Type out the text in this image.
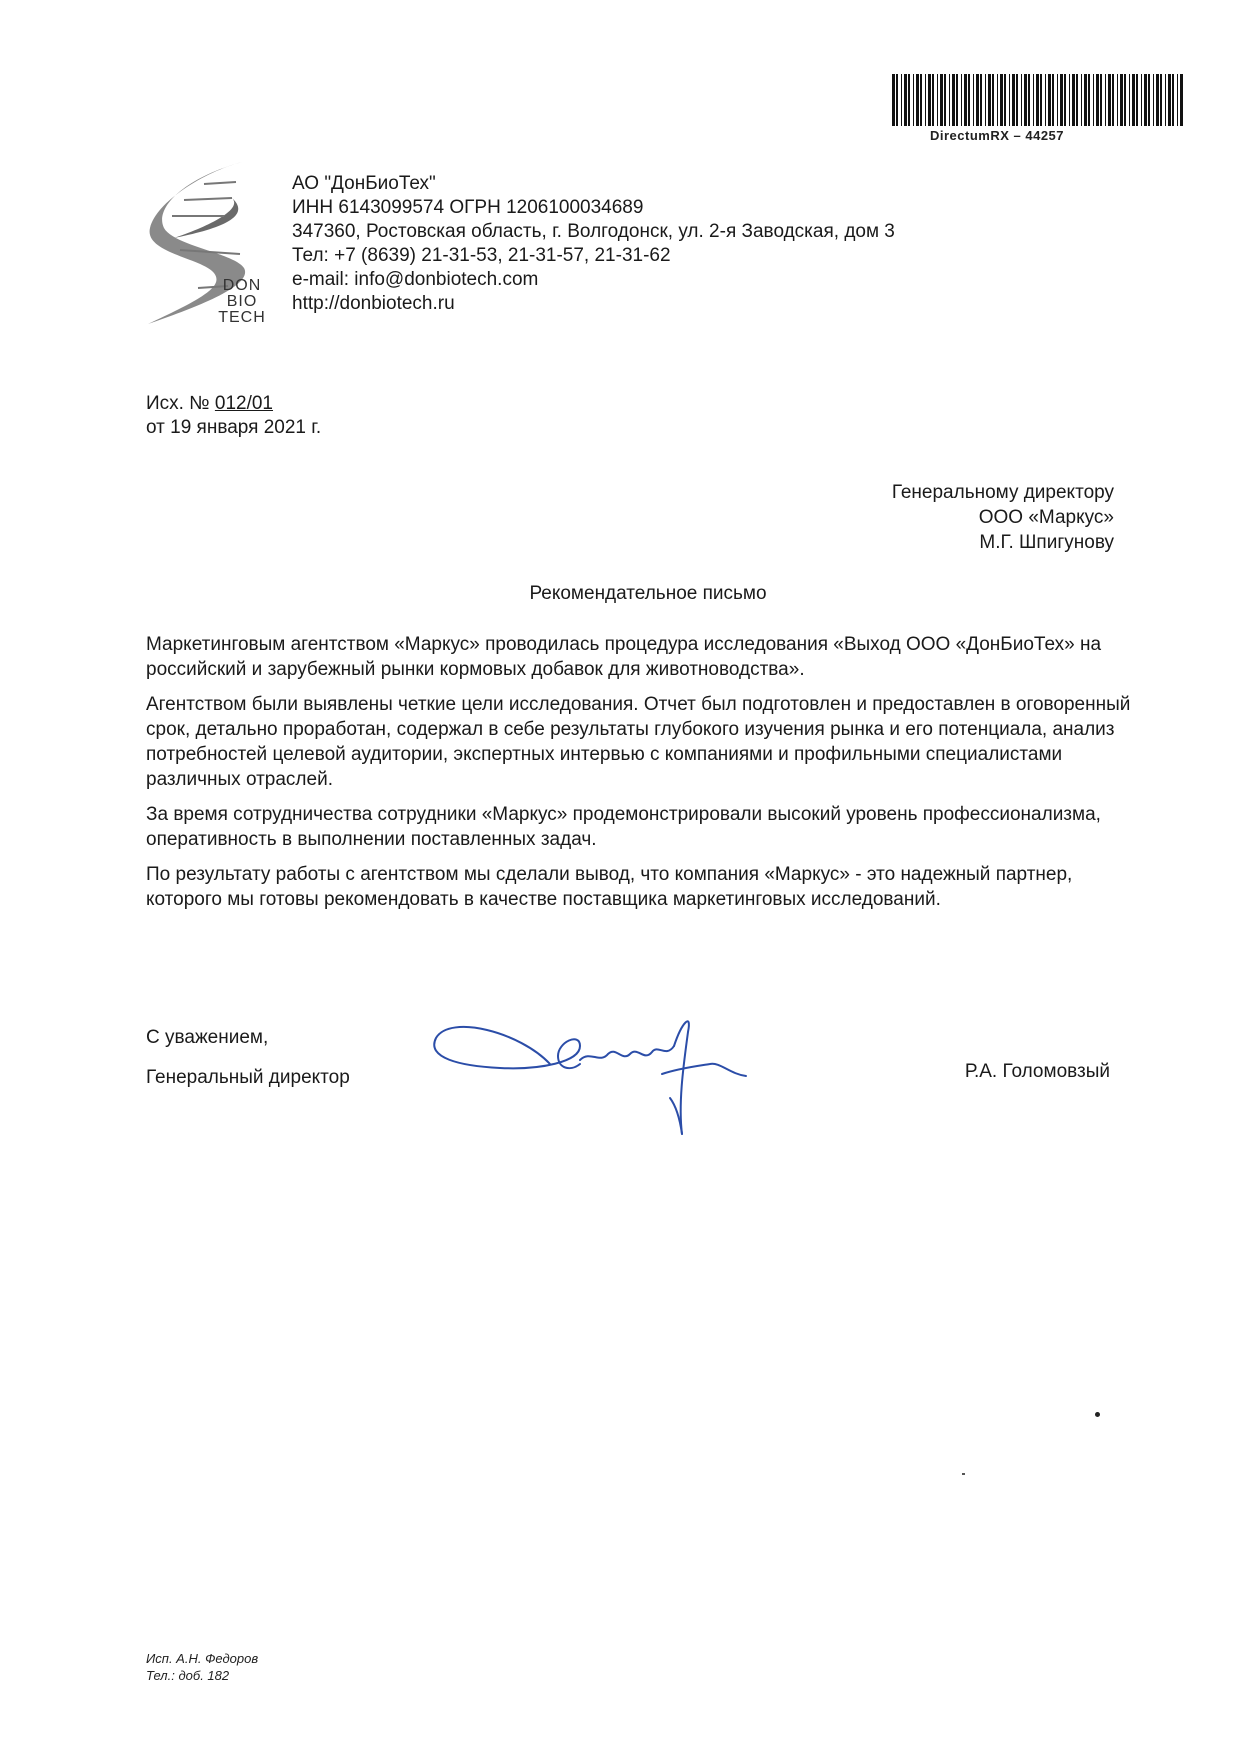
DirectumRX – 44257
DON
BIO
TECH
АО "ДонБиоТех"
ИНН 6143099574 ОГРН 1206100034689
347360, Ростовская область, г. Волгодонск, ул. 2-я Заводская, дом 3
Тел: +7 (8639) 21-31-53, 21-31-57, 21-31-62
e-mail: info@donbiotech.com
http://donbiotech.ru
Исх. № 012/01
от 19 января 2021 г.
Генеральному директору
ООО «Маркус»
М.Г. Шпигунову
Рекомендательное письмо

Маркетинговым агентством «Маркус» проводилась процедура исследования «Выход ООО «ДонБиоТех» на российский и зарубежный рынки кормовых добавок для животноводства».

Агентством были выявлены четкие цели исследования. Отчет был подготовлен и предоставлен в оговоренный срок, детально проработан, содержал в себе результаты глубокого изучения рынка и его потенциала, анализ потребностей целевой аудитории, экспертных интервью с компаниями и профильными специалистами различных отраслей.

За время сотрудничества сотрудники «Маркус» продемонстрировали высокий уровень профессионализма, оперативность в выполнении поставленных задач.

По результату работы с агентством мы сделали вывод, что компания «Маркус» - это надежный партнер, которого мы готовы рекомендовать в качестве поставщика маркетинговых исследований.

С уважением,
Генеральный директор	Р.А. Голомовзый
Исп. А.Н. Федоров
Тел.: доб. 182
